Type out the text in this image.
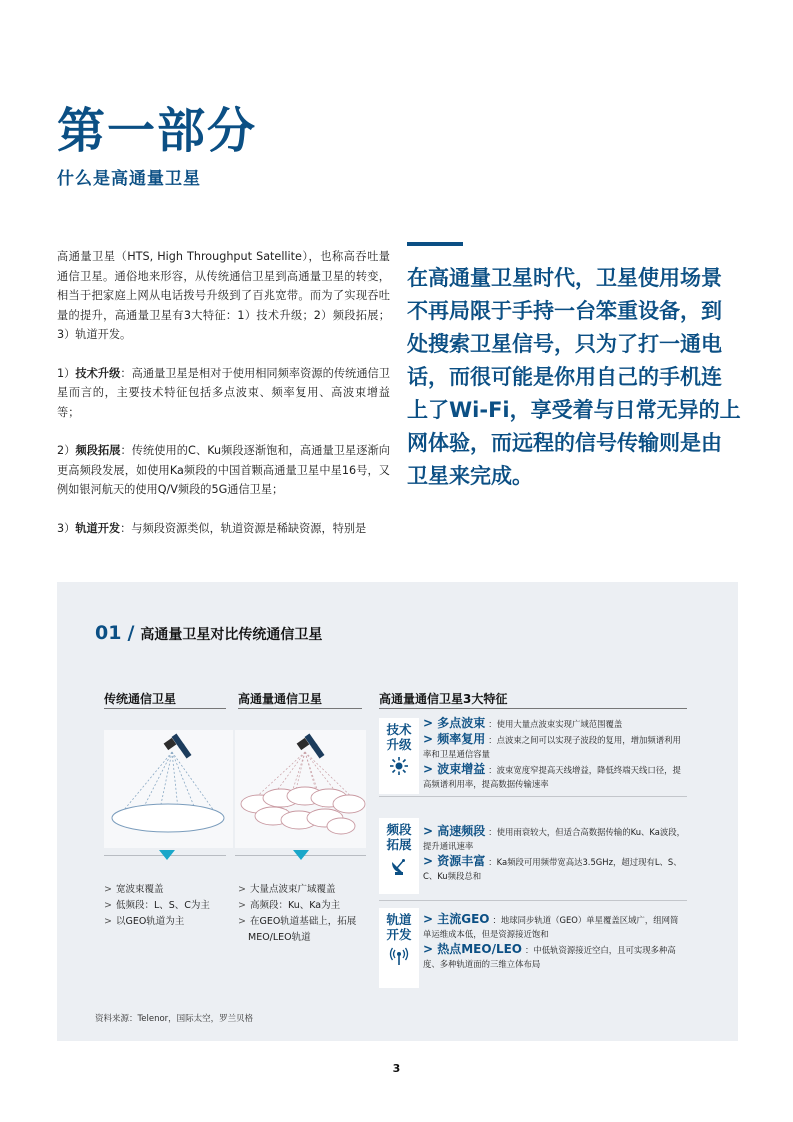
第一部分
什么是高通量卫星

高通量卫星（HTS, High Throughput Satellite），也称高吞吐量通信卫星。通俗地来形容，从传统通信卫星到高通量卫星的转变，相当于把家庭上网从电话拨号升级到了百兆宽带。而为了实现吞吐量的提升，高通量卫星有3大特征：1）技术升级；2）频段拓展；3）轨道开发。

1）技术升级：高通量卫星是相对于使用相同频率资源的传统通信卫星而言的，主要技术特征包括多点波束、频率复用、高波束增益等；

2）频段拓展：传统使用的C、Ku频段逐渐饱和，高通量卫星逐渐向更高频段发展，如使用Ka频段的中国首颗高通量卫星中星16号，又例如银河航天的使用Q/V频段的5G通信卫星；

3）轨道开发：与频段资源类似，轨道资源是稀缺资源，特别是

在高通量卫星时代，卫星使用场景不再局限于手持一台笨重设备，到处搜索卫星信号，只为了打一通电话，而很可能是你用自己的手机连上了Wi-Fi，享受着与日常无异的上网体验，而远程的信号传输则是由卫星来完成。
01 / 高通量卫星对比传统通信卫星
传统通信卫星
> 宽波束覆盖
> 低频段：L、S、C为主
> 以GEO轨道为主
高通量通信卫星
> 大量点波束广域覆盖
> 高频段：Ku、Ka为主
> 在GEO轨道基础上，拓展MEO/LEO轨道
高通量通信卫星3大特征
技术
升级
> 多点波束 ：使用大量点波束实现广域范围覆盖
> 频率复用 ：点波束之间可以实现子波段的复用，增加频谱利用率和卫星通信容量
> 波束增益 ：波束宽度窄提高天线增益，降低终端天线口径，提高频谱利用率，提高数据传输速率
频段
拓展
> 高速频段 ：使用雨衰较大，但适合高数据传输的Ku、Ka波段，提升通讯速率
> 资源丰富 ：Ka频段可用频带宽高达3.5GHz，超过现有L、S、C、Ku频段总和
轨道
开发
> 主流GEO ：地球同步轨道（GEO）单星覆盖区域广，组网简单运维成本低，但是资源接近饱和
> 热点MEO/LEO ：中低轨资源接近空白，且可实现多种高度、多种轨道面的三维立体布局
资料来源：Telenor，国际太空，罗兰贝格
3
